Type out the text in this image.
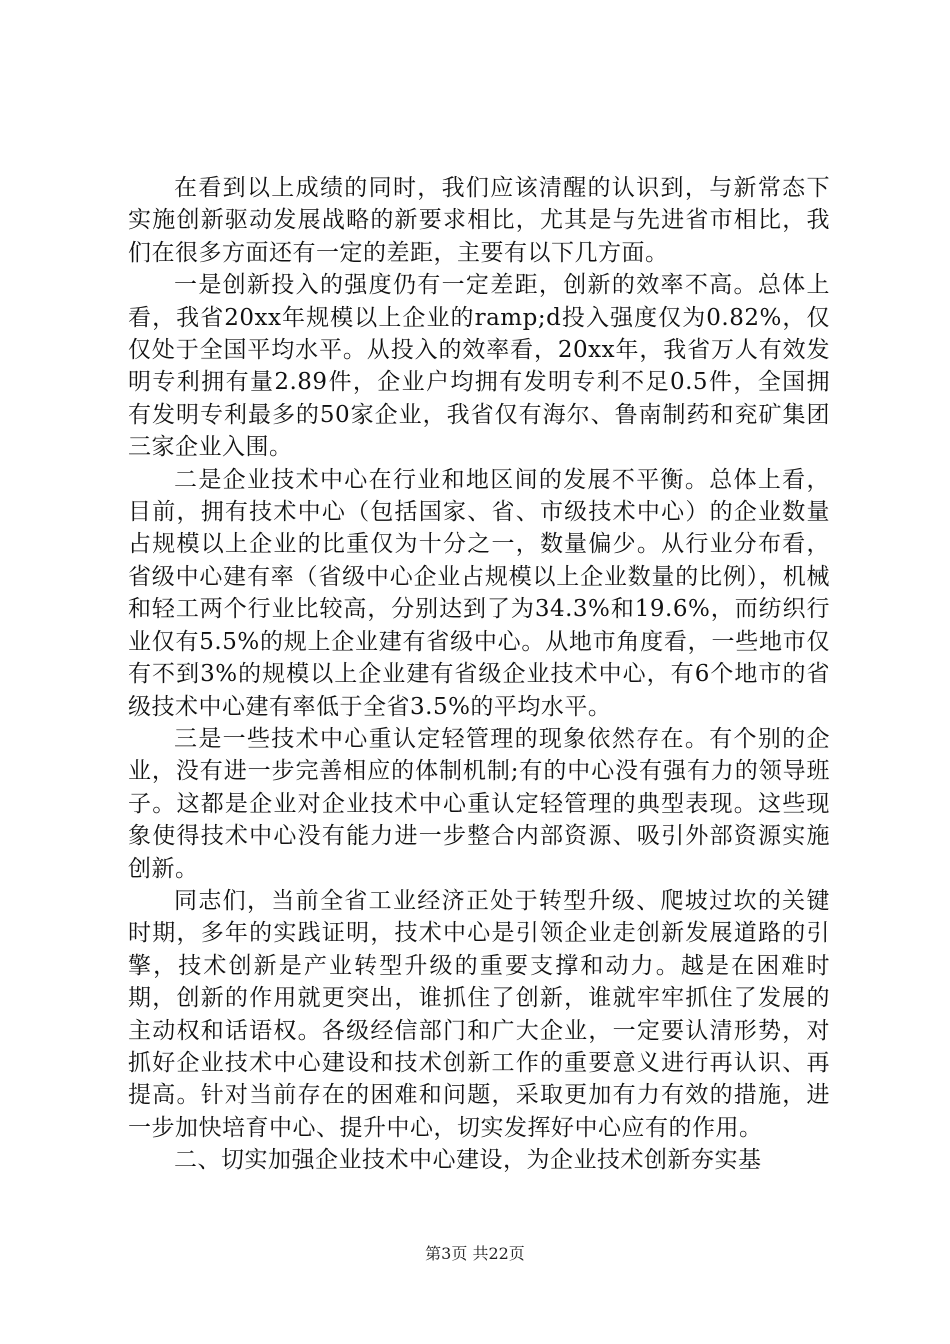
在看到以上成绩的同时，我们应该清醒的认识到，与新常态下实施创新驱动发展战略的新要求相比，尤其是与先进省市相比，我们在很多方面还有一定的差距，主要有以下几方面。

一是创新投入的强度仍有一定差距，创新的效率不高。总体上看，我省20xx年规模以上企业的ramp;d投入强度仅为0.82%，仅仅处于全国平均水平。从投入的效率看，20xx年，我省万人有效发明专利拥有量2.89件，企业户均拥有发明专利不足0.5件，全国拥有发明专利最多的50家企业，我省仅有海尔、鲁南制药和兖矿集团三家企业入围。

二是企业技术中心在行业和地区间的发展不平衡。总体上看，目前，拥有技术中心（包括国家、省、市级技术中心）的企业数量占规模以上企业的比重仅为十分之一，数量偏少。从行业分布看，省级中心建有率（省级中心企业占规模以上企业数量的比例），机械和轻工两个行业比较高，分别达到了为34.3%和19.6%，而纺织行业仅有5.5%的规上企业建有省级中心。从地市角度看，一些地市仅有不到3%的规模以上企业建有省级企业技术中心，有6个地市的省级技术中心建有率低于全省3.5%的平均水平。

三是一些技术中心重认定轻管理的现象依然存在。有个别的企业，没有进一步完善相应的体制机制;有的中心没有强有力的领导班子。这都是企业对企业技术中心重认定轻管理的典型表现。这些现象使得技术中心没有能力进一步整合内部资源、吸引外部资源实施创新。

同志们，当前全省工业经济正处于转型升级、爬坡过坎的关键时期，多年的实践证明，技术中心是引领企业走创新发展道路的引擎，技术创新是产业转型升级的重要支撑和动力。越是在困难时期，创新的作用就更突出，谁抓住了创新，谁就牢牢抓住了发展的主动权和话语权。各级经信部门和广大企业，一定要认清形势，对抓好企业技术中心建设和技术创新工作的重要意义进行再认识、再提高。针对当前存在的困难和问题，采取更加有力有效的措施，进一步加快培育中心、提升中心，切实发挥好中心应有的作用。

二、切实加强企业技术中心建设，为企业技术创新夯实基

第3页 共22页
